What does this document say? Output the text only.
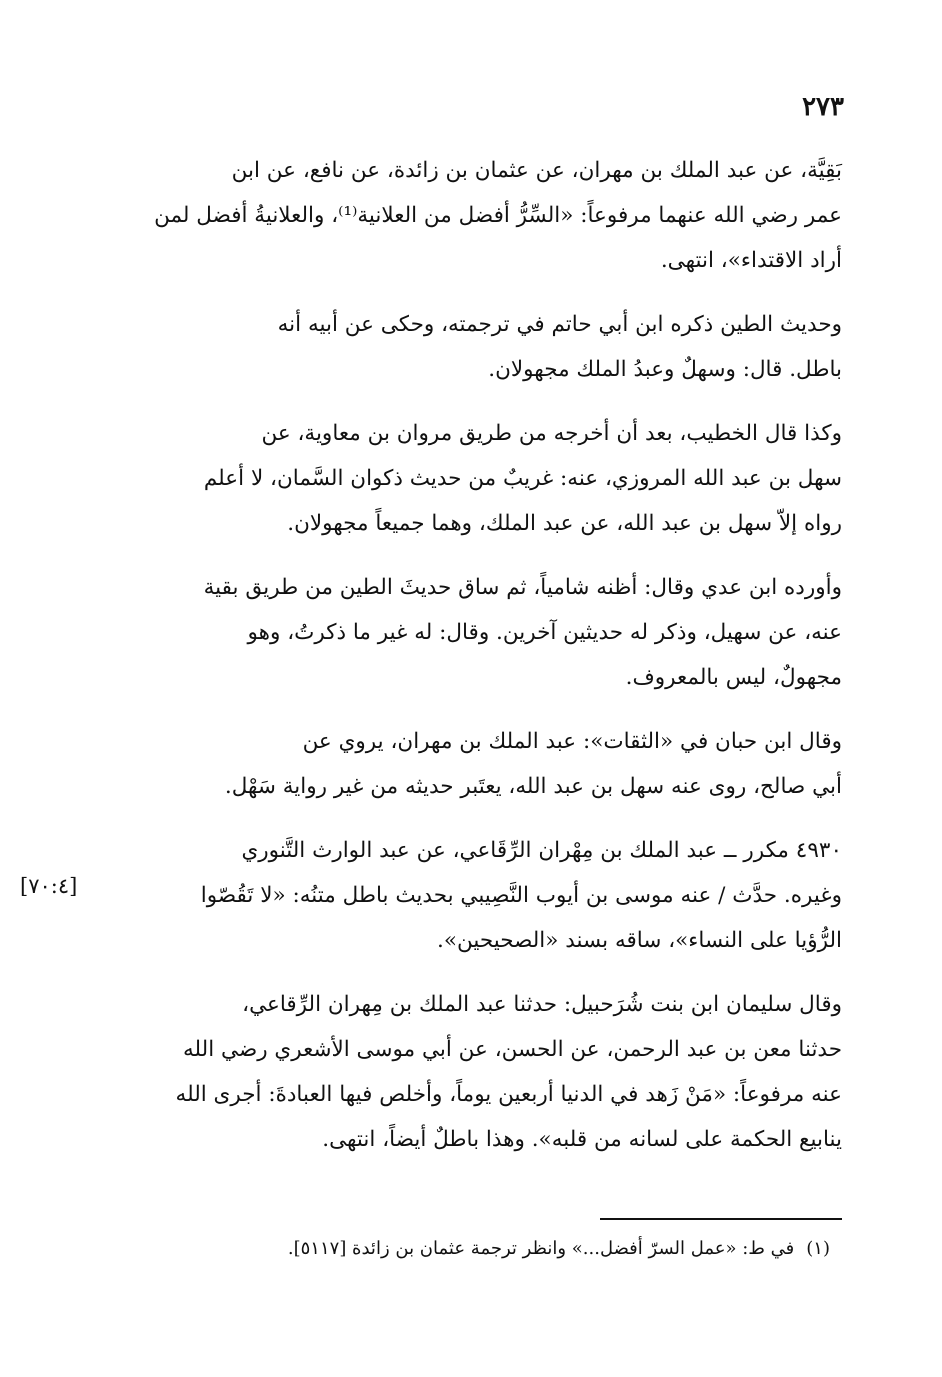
٢٧٣

بَقِيَّة، عن عبد الملك بن مهران، عن عثمان بن زائدة، عن نافع، عن ابن
عمر رضي الله عنهما مرفوعاً: «السِّرُّ أفضل من العلانية⁽¹⁾، والعلانيةُ أفضل لمن
أراد الاقتداء»، انتهى.

وحديث الطين ذكره ابن أبي حاتم في ترجمته، وحكى عن أبيه أنه
باطل. قال: وسهلٌ وعبدُ الملك مجهولان.

وكذا قال الخطيب، بعد أن أخرجه من طريق مروان بن معاوية، عن
سهل بن عبد الله المروزي، عنه: غريبٌ من حديث ذكوان السَّمان، لا أعلم
رواه إلاّ سهل بن عبد الله، عن عبد الملك، وهما جميعاً مجهولان.

وأورده ابن عدي وقال: أظنه شامياً، ثم ساق حديثَ الطين من طريق بقية
عنه، عن سهيل، وذكر له حديثين آخرين. وقال: له غير ما ذكرتُ، وهو
مجهولٌ، ليس بالمعروف.

وقال ابن حبان في «الثقات»: عبد الملك بن مهران، يروي عن
أبي صالح، روى عنه سهل بن عبد الله، يعتَبر حديثه من غير رواية سَهْل.

٤٩٣٠ مكرر ــ عبد الملك بن مِهْران الرِّقَاعي، عن عبد الوارث التَّنوري
وغيره. حدَّث / عنه موسى بن أيوب النَّصِيبي بحديث باطل متنُه: «لا تَقُصّوا
الرُّؤيا على النساء»، ساقه بسند «الصحيحين».

وقال سليمان ابن بنت شُرَحبيل: حدثنا عبد الملك بن مِهران الرِّقاعي،
حدثنا معن بن عبد الرحمن، عن الحسن، عن أبي موسى الأشعري رضي الله
عنه مرفوعاً: «مَنْ زَهد في الدنيا أربعين يوماً، وأخلص فيها العبادةَ: أجرى الله
ينابيع الحكمة على لسانه من قلبه». وهذا باطلٌ أيضاً، انتهى.

[٧٠:٤]
(١)في ط: «عمل السرّ أفضل...» وانظر ترجمة عثمان بن زائدة [٥١١٧].
